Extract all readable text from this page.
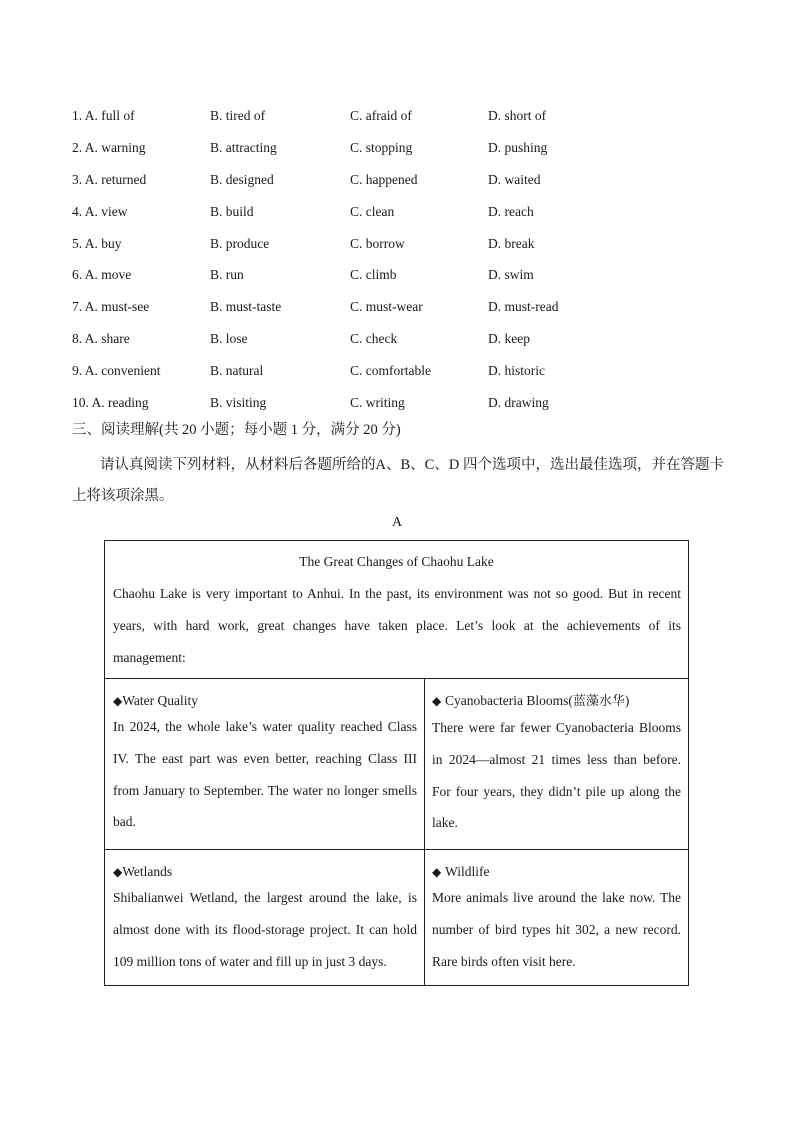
1. A. full of	B. tired of	C. afraid of	D. short of
2. A. warning	B. attracting	C. stopping	D. pushing
3. A. returned	B. designed	C. happened	D. waited
4. A. view	B. build	C. clean	D. reach
5. A. buy	B. produce	C. borrow	D. break
6. A. move	B. run	C. climb	D. swim
7. A. must-see	B. must-taste	C. must-wear	D. must-read
8. A. share	B. lose	C. check	D. keep
9. A. convenient	B. natural	C. comfortable	D. historic
10. A. reading	B. visiting	C. writing	D. drawing
三、阅读理解(共 20 小题；每小题 1 分，满分 20 分)
请认真阅读下列材料，从材料后各题所给的A、B、C、D 四个选项中，选出最佳选项，并在答题卡上将该项涂黑。
A
The Great Changes of Chaohu Lake
Chaohu Lake is very important to Anhui. In the past, its environment was not so good. But in recent years, with hard work, great changes have taken place. Let’s look at the achievements of its management:
◆Water Quality
In 2024, the whole lake’s water quality reached Class IV. The east part was even better, reaching Class III from January to September. The water no longer smells bad.
◆ Cyanobacteria Blooms(蓝藻水华)
There were far fewer Cyanobacteria Blooms in 2024—almost 21 times less than before. For four years, they didn’t pile up along the lake.
◆Wetlands
Shibalianwei Wetland, the largest around the lake, is almost done with its flood-storage project. It can hold 109 million tons of water and fill up in just 3 days.
◆ Wildlife
More animals live around the lake now. The number of bird types hit 302, a new record. Rare birds often visit here.
